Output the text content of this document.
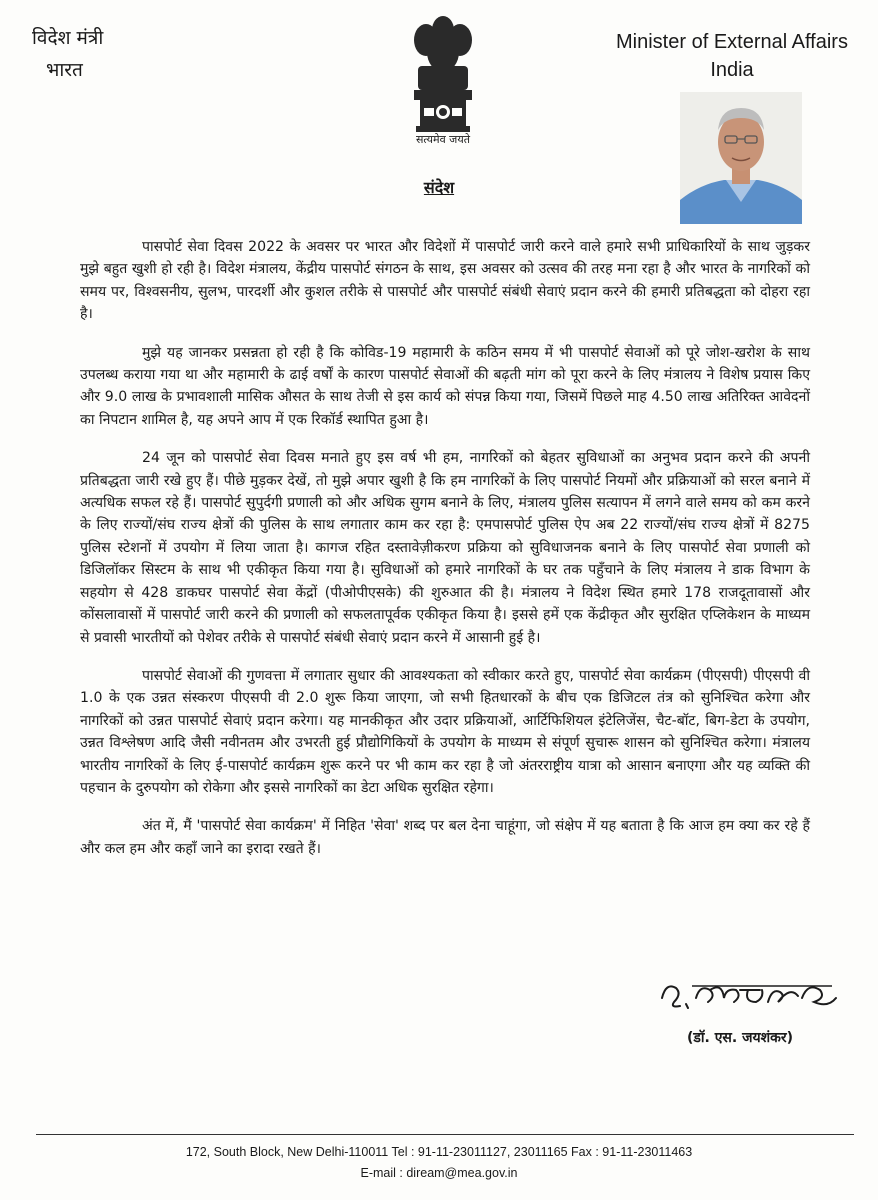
विदेश मंत्री
भारत
Minister of External Affairs
India
सत्यमेव जयते
संदेश

पासपोर्ट सेवा दिवस 2022 के अवसर पर भारत और विदेशों में पासपोर्ट जारी करने वाले हमारे सभी प्राधिकारियों के साथ जुड़कर मुझे बहुत खुशी हो रही है। विदेश मंत्रालय, केंद्रीय पासपोर्ट संगठन के साथ, इस अवसर को उत्सव की तरह मना रहा है और भारत के नागरिकों को समय पर, विश्वसनीय, सुलभ, पारदर्शी और कुशल तरीके से पासपोर्ट और पासपोर्ट संबंधी सेवाएं प्रदान करने की हमारी प्रतिबद्धता को दोहरा रहा है।

मुझे यह जानकर प्रसन्नता हो रही है कि कोविड-19 महामारी के कठिन समय में भी पासपोर्ट सेवाओं को पूरे जोश-खरोश के साथ उपलब्ध कराया गया था और महामारी के ढाई वर्षों के कारण पासपोर्ट सेवाओं की बढ़ती मांग को पूरा करने के लिए मंत्रालय ने विशेष प्रयास किए और 9.0 लाख के प्रभावशाली मासिक औसत के साथ तेजी से इस कार्य को संपन्न किया गया, जिसमें पिछले माह 4.50 लाख अतिरिक्त आवेदनों का निपटान शामिल है, यह अपने आप में एक रिकॉर्ड स्थापित हुआ है।

24 जून को पासपोर्ट सेवा दिवस मनाते हुए इस वर्ष भी हम, नागरिकों को बेहतर सुविधाओं का अनुभव प्रदान करने की अपनी प्रतिबद्धता जारी रखे हुए हैं। पीछे मुड़कर देखें, तो मुझे अपार खुशी है कि हम नागरिकों के लिए पासपोर्ट नियमों और प्रक्रियाओं को सरल बनाने में अत्यधिक सफल रहे हैं। पासपोर्ट सुपुर्दगी प्रणाली को और अधिक सुगम बनाने के लिए, मंत्रालय पुलिस सत्यापन में लगने वाले समय को कम करने के लिए राज्यों/संघ राज्य क्षेत्रों की पुलिस के साथ लगातार काम कर रहा है: एमपासपोर्ट पुलिस ऐप अब 22 राज्यों/संघ राज्य क्षेत्रों में 8275 पुलिस स्टेशनों में उपयोग में लिया जाता है। कागज रहित दस्तावेज़ीकरण प्रक्रिया को सुविधाजनक बनाने के लिए पासपोर्ट सेवा प्रणाली को डिजिलॉकर सिस्टम के साथ भी एकीकृत किया गया है। सुविधाओं को हमारे नागरिकों के घर तक पहुँचाने के लिए मंत्रालय ने डाक विभाग के सहयोग से 428 डाकघर पासपोर्ट सेवा केंद्रों (पीओपीएसके) की शुरुआत की है। मंत्रालय ने विदेश स्थित हमारे 178 राजदूतावासों और कोंसलावासों में पासपोर्ट जारी करने की प्रणाली को सफलतापूर्वक एकीकृत किया है। इससे हमें एक केंद्रीकृत और सुरक्षित एप्लिकेशन के माध्यम से प्रवासी भारतीयों को पेशेवर तरीके से पासपोर्ट संबंधी सेवाएं प्रदान करने में आसानी हुई है।

पासपोर्ट सेवाओं की गुणवत्ता में लगातार सुधार की आवश्यकता को स्वीकार करते हुए, पासपोर्ट सेवा कार्यक्रम (पीएसपी) पीएसपी वी 1.0 के एक उन्नत संस्करण पीएसपी वी 2.0 शुरू किया जाएगा, जो सभी हितधारकों के बीच एक डिजिटल तंत्र को सुनिश्चित करेगा और नागरिकों को उन्नत पासपोर्ट सेवाएं प्रदान करेगा। यह मानकीकृत और उदार प्रक्रियाओं, आर्टिफिशियल इंटेलिजेंस, चैट-बॉट, बिग-डेटा के उपयोग, उन्नत विश्लेषण आदि जैसी नवीनतम और उभरती हुई प्रौद्योगिकियों के उपयोग के माध्यम से संपूर्ण सुचारू शासन को सुनिश्चित करेगा। मंत्रालय भारतीय नागरिकों के लिए ई-पासपोर्ट कार्यक्रम शुरू करने पर भी काम कर रहा है जो अंतरराष्ट्रीय यात्रा को आसान बनाएगा और यह व्यक्ति की पहचान के दुरुपयोग को रोकेगा और इससे नागरिकों का डेटा अधिक सुरक्षित रहेगा।

अंत में, मैं 'पासपोर्ट सेवा कार्यक्रम' में निहित 'सेवा' शब्द पर बल देना चाहूंगा, जो संक्षेप में यह बताता है कि आज हम क्या कर रहे हैं और कल हम और कहाँ जाने का इरादा रखते हैं।

(डॉ. एस. जयशंकर)
172, South Block, New Delhi-110011 Tel : 91-11-23011127, 23011165 Fax : 91-11-23011463
E-mail : diream@mea.gov.in
